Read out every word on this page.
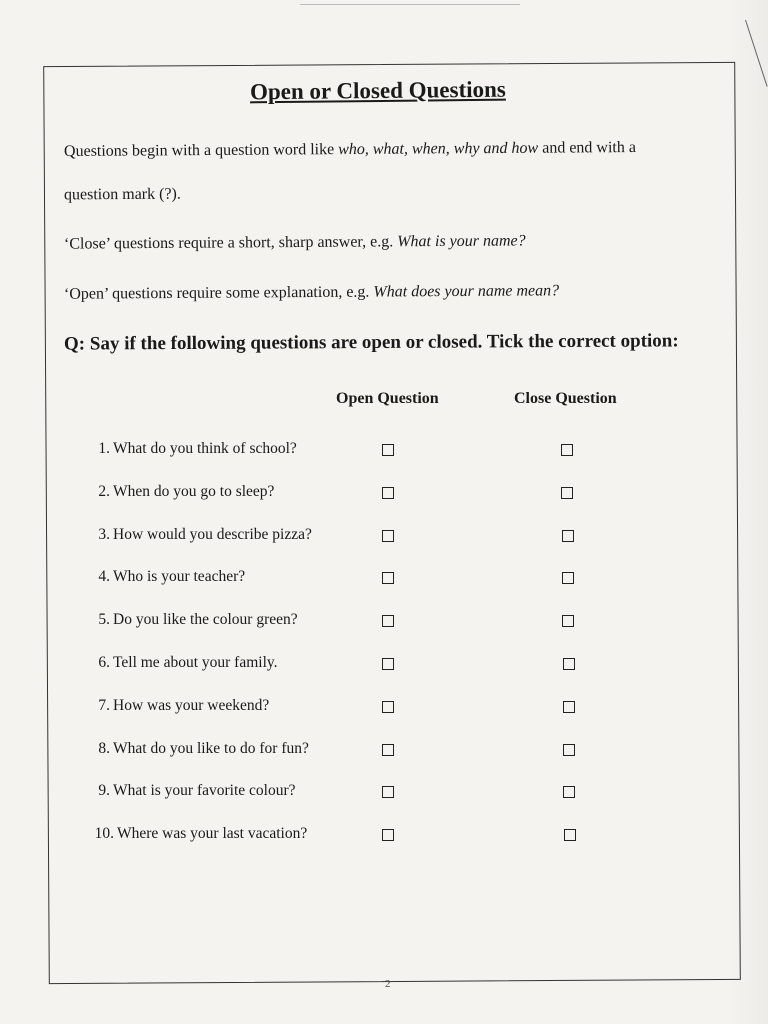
Open or Closed Questions
Questions begin with a question word like who, what, when, why and how and end with a
question mark (?).
‘Close’ questions require a short, sharp answer, e.g. What is your name?
‘Open’ questions require some explanation, e.g. What does your name mean?
Q: Say if the following questions are open or closed. Tick the correct option:
Open Question	Close Question
1. What do you think of school?
2. When do you go to sleep?
3. How would you describe pizza?
4. Who is your teacher?
5. Do you like the colour green?
6. Tell me about your family.
7. How was your weekend?
8. What do you like to do for fun?
9. What is your favorite colour?
10. Where was your last vacation?
2
